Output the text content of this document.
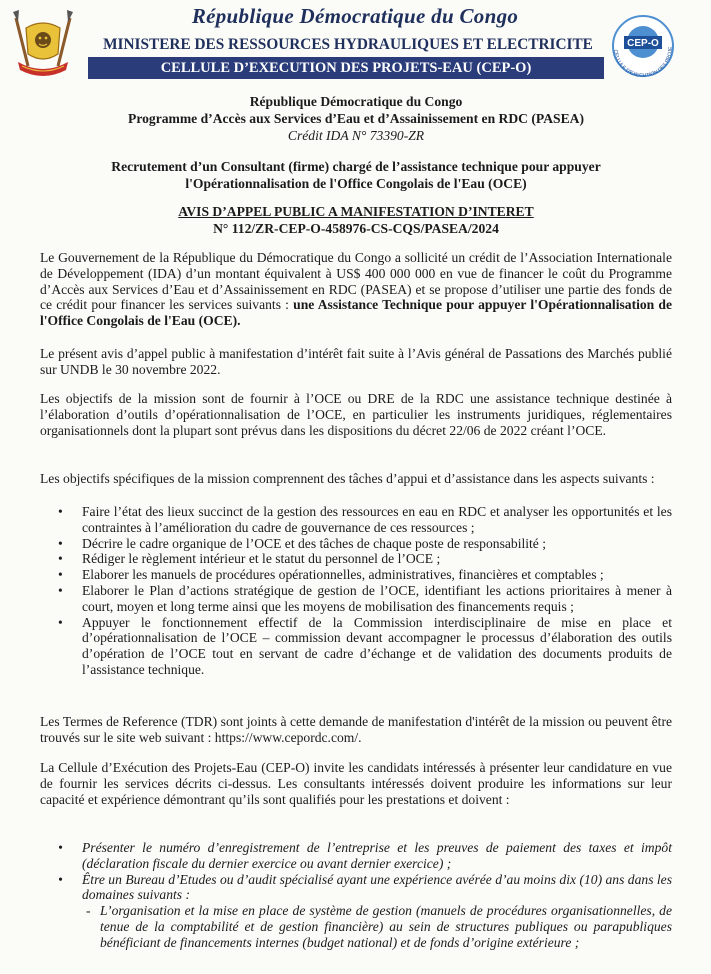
République Démocratique du Congo
MINISTERE DES RESSOURCES HYDRAULIQUES ET ELECTRICITE
CELLULE D’EXECUTION DES PROJETS-EAU (CEP-O)
CEP-O
CELLULE D'EXECUTION DES PROJE
République Démocratique du Congo
Programme d’Accès aux Services d’Eau et d’Assainissement en RDC (PASEA)
Crédit IDA N° 73390-ZR
Recrutement d’un Consultant (firme) chargé de l’assistance technique pour appuyer
l'Opérationnalisation de l'Office Congolais de l'Eau (OCE)
AVIS D’APPEL PUBLIC A MANIFESTATION D’INTERET
N° 112/ZR-CEP-O-458976-CS-CQS/PASEA/2024
Le Gouvernement de la République du Démocratique du Congo a sollicité un crédit de l’Association Internationale de Développement (IDA) d’un montant équivalent à US$ 400 000 000 en vue de financer le coût du Programme d’Accès aux Services d’Eau et d’Assainissement en RDC (PASEA) et se propose d’utiliser une partie des fonds de ce crédit pour financer les services suivants : une Assistance Technique pour appuyer l'Opérationnalisation de l'Office Congolais de l'Eau (OCE).
Le présent avis d’appel public à manifestation d’intérêt fait suite à l’Avis général de Passations des Marchés publié sur UNDB le 30 novembre 2022.
Les objectifs de la mission sont de fournir à l’OCE ou DRE de la RDC une assistance technique destinée à l’élaboration d’outils d’opérationnalisation de l’OCE, en particulier les instruments juridiques, réglementaires organisationnels dont la plupart sont prévus dans les dispositions du décret 22/06 de 2022 créant l’OCE.
Les objectifs spécifiques de la mission comprennent des tâches d’appui et d’assistance dans les aspects suivants :
• Faire l’état des lieux succinct de la gestion des ressources en eau en RDC et analyser les opportunités et les contraintes à l’amélioration du cadre de gouvernance de ces ressources ;
• Décrire le cadre organique de l’OCE et des tâches de chaque poste de responsabilité ;
• Rédiger le règlement intérieur et le statut du personnel de l’OCE ;
• Elaborer les manuels de procédures opérationnelles, administratives, financières et comptables ;
• Elaborer le Plan d’actions stratégique de gestion de l’OCE, identifiant les actions prioritaires à mener à court, moyen et long terme ainsi que les moyens de mobilisation des financements requis ;
• Appuyer le fonctionnement effectif de la Commission interdisciplinaire de mise en place et d’opérationnalisation de l’OCE – commission devant accompagner le processus d’élaboration des outils d’opération de l’OCE tout en servant de cadre d’échange et de validation des documents produits de l’assistance technique.
Les Termes de Reference (TDR) sont joints à cette demande de manifestation d'intérêt de la mission ou peuvent être trouvés sur le site web suivant : https://www.cepordc.com/.
La Cellule d’Exécution des Projets-Eau (CEP-O) invite les candidats intéressés à présenter leur candidature en vue de fournir les services décrits ci-dessus. Les consultants intéressés doivent produire les informations sur leur capacité et expérience démontrant qu’ils sont qualifiés pour les prestations et doivent :
• Présenter le numéro d’enregistrement de l’entreprise et les preuves de paiement des taxes et impôt (déclaration fiscale du dernier exercice ou avant dernier exercice) ;
• Être un Bureau d’Etudes ou d’audit spécialisé ayant une expérience avérée d’au moins dix (10) ans dans les domaines suivants :
- L’organisation et la mise en place de système de gestion (manuels de procédures organisationnelles, de tenue de la comptabilité et de gestion financière) au sein de structures publiques ou parapubliques bénéficiant de financements internes (budget national) et de fonds d’origine extérieure ;
